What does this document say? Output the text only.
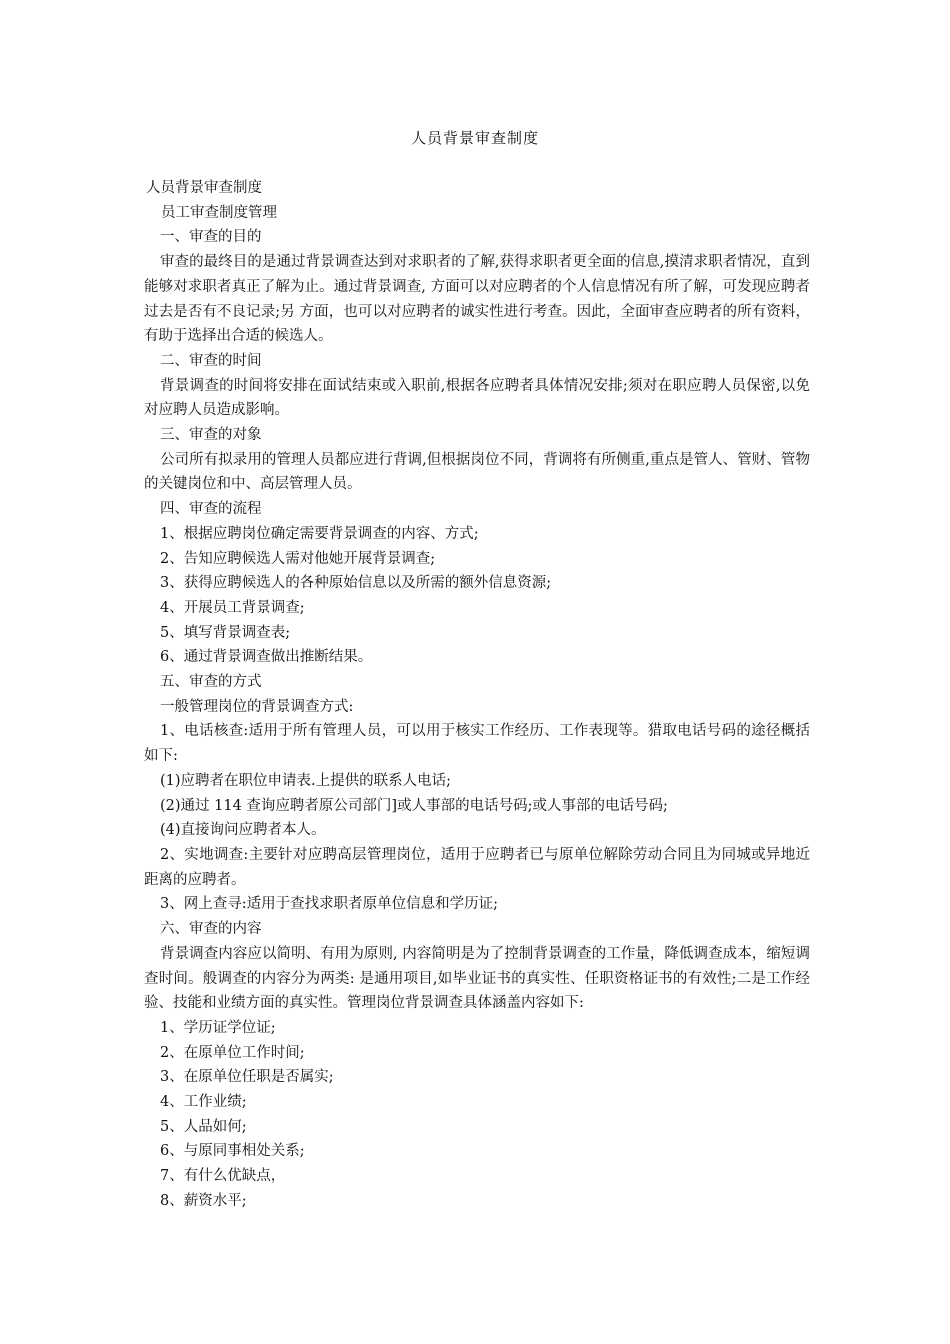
人员背景审查制度

人员背景审查制度

员工审查制度管理

一、审查的目的

审查的最终目的是通过背景调查达到对求职者的了解,获得求职者更全面的信息,摸清求职者情况，直到能够对求职者真正了解为止。通过背景调查, 方面可以对应聘者的个人信息情况有所了解，可发现应聘者过去是否有不良记录;另 方面，也可以对应聘者的诚实性进行考查。因此，全面审查应聘者的所有资料，有助于选择出合适的候选人。

二、审查的时间

背景调查的时间将安排在面试结束或入职前,根据各应聘者具体情况安排;须对在职应聘人员保密,以免对应聘人员造成影响。

三、审查的对象

公司所有拟录用的管理人员都应进行背调,但根据岗位不同，背调将有所侧重,重点是管人、管财、管物的关键岗位和中、高层管理人员。

四、审查的流程

1、根据应聘岗位确定需要背景调查的内容、方式;

2、告知应聘候选人需对他她开展背景调查;

3、获得应聘候选人的各种原始信息以及所需的额外信息资源;

4、开展员工背景调查;

5、填写背景调查表;

6、通过背景调查做出推断结果。

五、审查的方式

一般管理岗位的背景调查方式:

1、电话核查:适用于所有管理人员，可以用于核实工作经历、工作表现等。猎取电话号码的途径概括如下:

(1)应聘者在职位申请表.上提供的联系人电话;

(2)通过 114 查询应聘者原公司部门]或人事部的电话号码;或人事部的电话号码;

(4)直接询问应聘者本人。

2、实地调查:主要针对应聘高层管理岗位，适用于应聘者已与原单位解除劳动合同且为同城或异地近距离的应聘者。

3、网上查寻:适用于查找求职者原单位信息和学历证;

六、审查的内容

背景调查内容应以简明、有用为原则, 内容简明是为了控制背景调查的工作量，降低调查成本，缩短调查时间。般调查的内容分为两类: 是通用项目,如毕业证书的真实性、任职资格证书的有效性;二是工作经验、技能和业绩方面的真实性。管理岗位背景调查具体涵盖内容如下:

1、学历证学位证;

2、在原单位工作时间;

3、在原单位任职是否属实;

4、工作业绩;

5、人品如何;

6、与原同事相处关系;

7、有什么优缺点，

8、薪资水平;
